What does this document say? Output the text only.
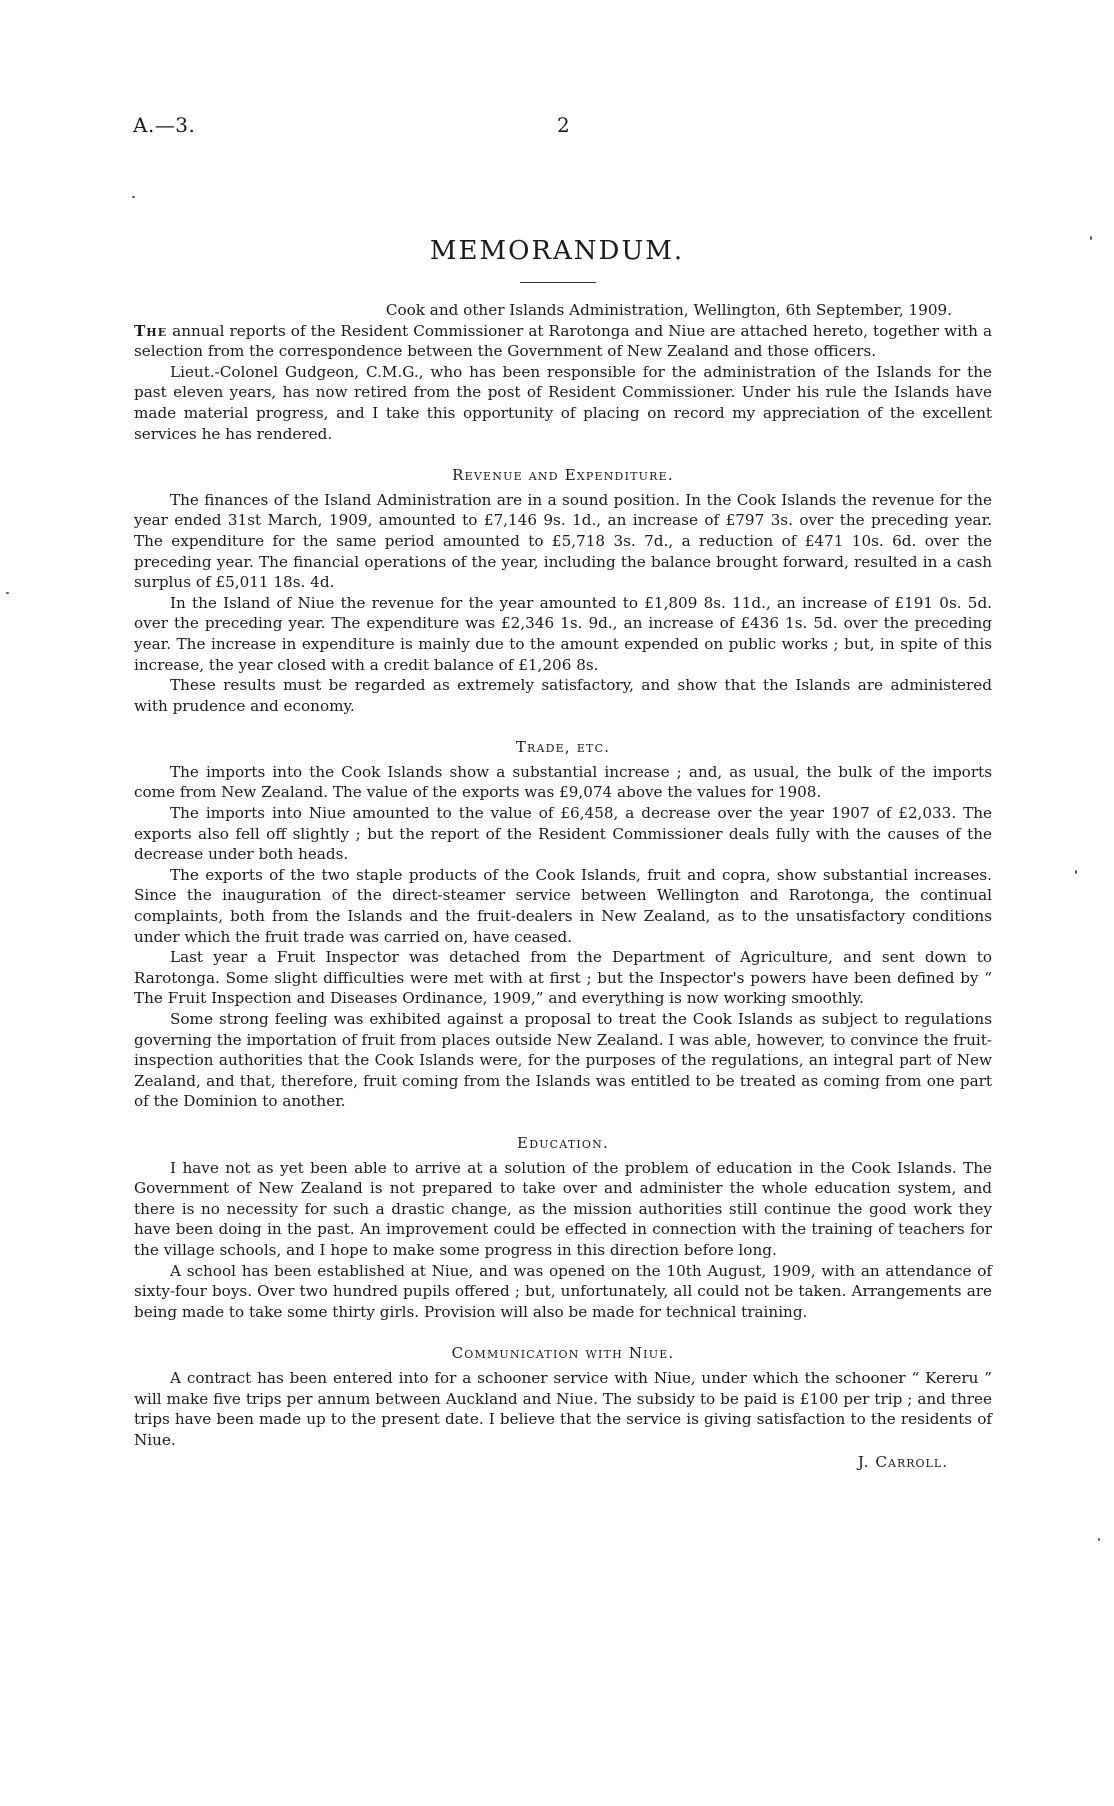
A.—3.	2
MEMORANDUM.

Cook and other Islands Administration, Wellington, 6th September, 1909.

The annual reports of the Resident Commissioner at Rarotonga and Niue are attached hereto, together with a selection from the correspondence between the Government of New Zealand and those officers.

Lieut.-Colonel Gudgeon, C.M.G., who has been responsible for the administration of the Islands for the past eleven years, has now retired from the post of Resident Commissioner. Under his rule the Islands have made material progress, and I take this opportunity of placing on record my appreciation of the excellent services he has rendered.

Revenue and Expenditure.

The finances of the Island Administration are in a sound position. In the Cook Islands the revenue for the year ended 31st March, 1909, amounted to £7,146 9s. 1d., an increase of £797 3s. over the preceding year. The expenditure for the same period amounted to £5,718 3s. 7d., a reduction of £471 10s. 6d. over the preceding year. The financial operations of the year, including the balance brought forward, resulted in a cash surplus of £5,011 18s. 4d.

In the Island of Niue the revenue for the year amounted to £1,809 8s. 11d., an increase of £191 0s. 5d. over the preceding year. The expenditure was £2,346 1s. 9d., an increase of £436 1s. 5d. over the preceding year. The increase in expenditure is mainly due to the amount expended on public works ; but, in spite of this increase, the year closed with a credit balance of £1,206 8s.

These results must be regarded as extremely satisfactory, and show that the Islands are administered with prudence and economy.

Trade, etc.

The imports into the Cook Islands show a substantial increase ; and, as usual, the bulk of the imports come from New Zealand. The value of the exports was £9,074 above the values for 1908.

The imports into Niue amounted to the value of £6,458, a decrease over the year 1907 of £2,033. The exports also fell off slightly ; but the report of the Resident Commissioner deals fully with the causes of the decrease under both heads.

The exports of the two staple products of the Cook Islands, fruit and copra, show substantial increases. Since the inauguration of the direct-steamer service between Wellington and Rarotonga, the continual complaints, both from the Islands and the fruit-dealers in New Zealand, as to the unsatisfactory conditions under which the fruit trade was carried on, have ceased.

Last year a Fruit Inspector was detached from the Department of Agriculture, and sent down to Rarotonga. Some slight difficulties were met with at first ; but the Inspector's powers have been defined by “ The Fruit Inspection and Diseases Ordinance, 1909,” and everything is now working smoothly.

Some strong feeling was exhibited against a proposal to treat the Cook Islands as subject to regulations governing the importation of fruit from places outside New Zealand. I was able, however, to convince the fruit-inspection authorities that the Cook Islands were, for the purposes of the regulations, an integral part of New Zealand, and that, therefore, fruit coming from the Islands was entitled to be treated as coming from one part of the Dominion to another.

Education.

I have not as yet been able to arrive at a solution of the problem of education in the Cook Islands. The Government of New Zealand is not prepared to take over and administer the whole education system, and there is no necessity for such a drastic change, as the mission authorities still continue the good work they have been doing in the past. An improvement could be effected in connection with the training of teachers for the village schools, and I hope to make some progress in this direction before long.

A school has been established at Niue, and was opened on the 10th August, 1909, with an attendance of sixty-four boys. Over two hundred pupils offered ; but, unfortunately, all could not be taken. Arrangements are being made to take some thirty girls. Provision will also be made for technical training.

Communication with Niue.

A contract has been entered into for a schooner service with Niue, under which the schooner “ Kereru ” will make five trips per annum between Auckland and Niue. The subsidy to be paid is £100 per trip ; and three trips have been made up to the present date. I believe that the service is giving satisfaction to the residents of Niue.

J. Carroll.
